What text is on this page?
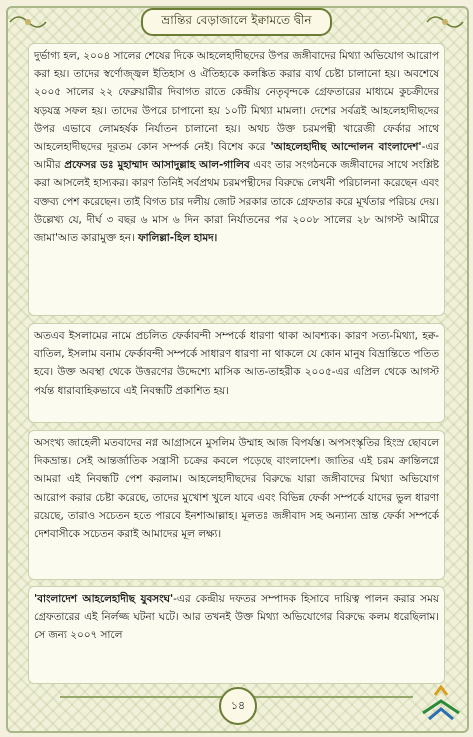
ভ্রান্তির বেড়াজালে ইক্বামতে দ্বীন

দুর্ভাগ্য হল, ২০০৪ সালের শেষের দিকে আহলেহাদীছদের উপর জঙ্গীবাদের মিথ্যা অভিযোগ আরোপ করা হয়। তাদের স্বর্ণোজ্জ্বল ইতিহাস ও ঐতিহ্যকে কলঙ্কিত করার ব্যর্থ চেষ্টা চালানো হয়। অবশেষে ২০০৫ সালের ২২ ফেব্রুয়ারীর দিবাগত রাতে কেন্দ্রীয় নেতৃবৃন্দকে গ্রেফতারের মাধ্যমে কুচক্রীদের ষড়যন্ত্র সফল হয়। তাদের উপরে চাপানো হয় ১০টি মিথ্যা মামলা। দেশের সর্বত্রই আহলেহাদীছদের উপর এভাবে লোমহর্ষক নির্যাতন চালানো হয়। অথচ উক্ত চরমপন্থী খারেজী ফের্কার সাথে আহলেহাদীছদের দূরতম কোন সম্পর্ক নেই। বিশেষ করে 'আহলেহাদীছ আন্দোলন বাংলাদেশ'-এর আমীর প্রফেসর ডঃ মুহাম্মাদ আসাদুল্লাহ আল-গালিব এবং তার সংগঠনকে জঙ্গীবাদের সাথে সংশ্লিষ্ট করা আসলেই হাস্যকর। কারণ তিনিই সর্বপ্রথম চরমপন্থীদের বিরুদ্ধে লেখনী পরিচালনা করেছেন এবং বক্তব্য পেশ করেছেন। তাই বিগত চার দলীয় জোট সরকার তাকে গ্রেফতার করে মূর্খতার পরিচয় দেয়। উল্লেখ্য যে, দীর্ঘ ৩ বছর ৬ মাস ৬ দিন কারা নির্যাতনের পর ২০০৮ সালের ২৮ আগস্ট আমীরে জামা'আত কারামুক্ত হন। ফালিল্লা-হিল হামদ।

অতএব ইসলামের নামে প্রচলিত ফের্কাবন্দী সম্পর্কে ধারণা থাকা আবশ্যক। কারণ সত্য-মিথ্যা, হক্ব-বাতিল, ইসলাম বনাম ফের্কাবন্দী সম্পর্কে সাধারণ ধারণা না থাকলে যে কোন মানুষ বিভ্রান্তিতে পতিত হবে। উক্ত অবস্থা থেকে উত্তরণের উদ্দেশ্যে মাসিক আত-তাহরীক ২০০৫-এর এপ্রিল থেকে আগস্ট পর্যন্ত ধারাবাহিকভাবে এই নিবন্ধটি প্রকাশিত হয়।

অসংখ্য জাহেলী মতবাদের নগ্ন আগ্রাসনে মুসলিম উম্মাহ আজ বিপর্যস্ত। অপসংস্কৃতির হিংস্র ছোবলে দিকভ্রান্ত। সেই আন্তর্জাতিক সন্ত্রাসী চক্রের কবলে পড়েছে বাংলাদেশ। জাতির এই চরম ক্রান্তিলগ্নে আমরা এই নিবন্ধটি পেশ করলাম। আহলেহাদীছদের বিরুদ্ধে যারা জঙ্গীবাদের মিথ্যা অভিযোগ আরোপ করার চেষ্টা করেছে, তাদের মুখোশ খুলে যাবে এবং বিভিন্ন ফের্কা সম্পর্কে যাদের ভুল ধারণা রয়েছে, তারাও সচেতন হতে পারবে ইনশাআল্লাহ। মূলতঃ জঙ্গীবাদ সহ অন্যান্য ভ্রান্ত ফের্কা সম্পর্কে দেশবাসীকে সচেতন করাই আমাদের মূল লক্ষ্য।

'বাংলাদেশ আহলেহাদীছ যুবসংঘ'-এর কেন্দ্রীয় দফতর সম্পাদক হিসাবে দায়িত্ব পালন করার সময় গ্রেফতারের এই নির্লজ্জ ঘটনা ঘটে। আর তখনই উক্ত মিথ্যা অভিযোগের বিরুদ্ধে কলম ধরেছিলাম। সে জন্য ২০০৭ সালে

১৪
